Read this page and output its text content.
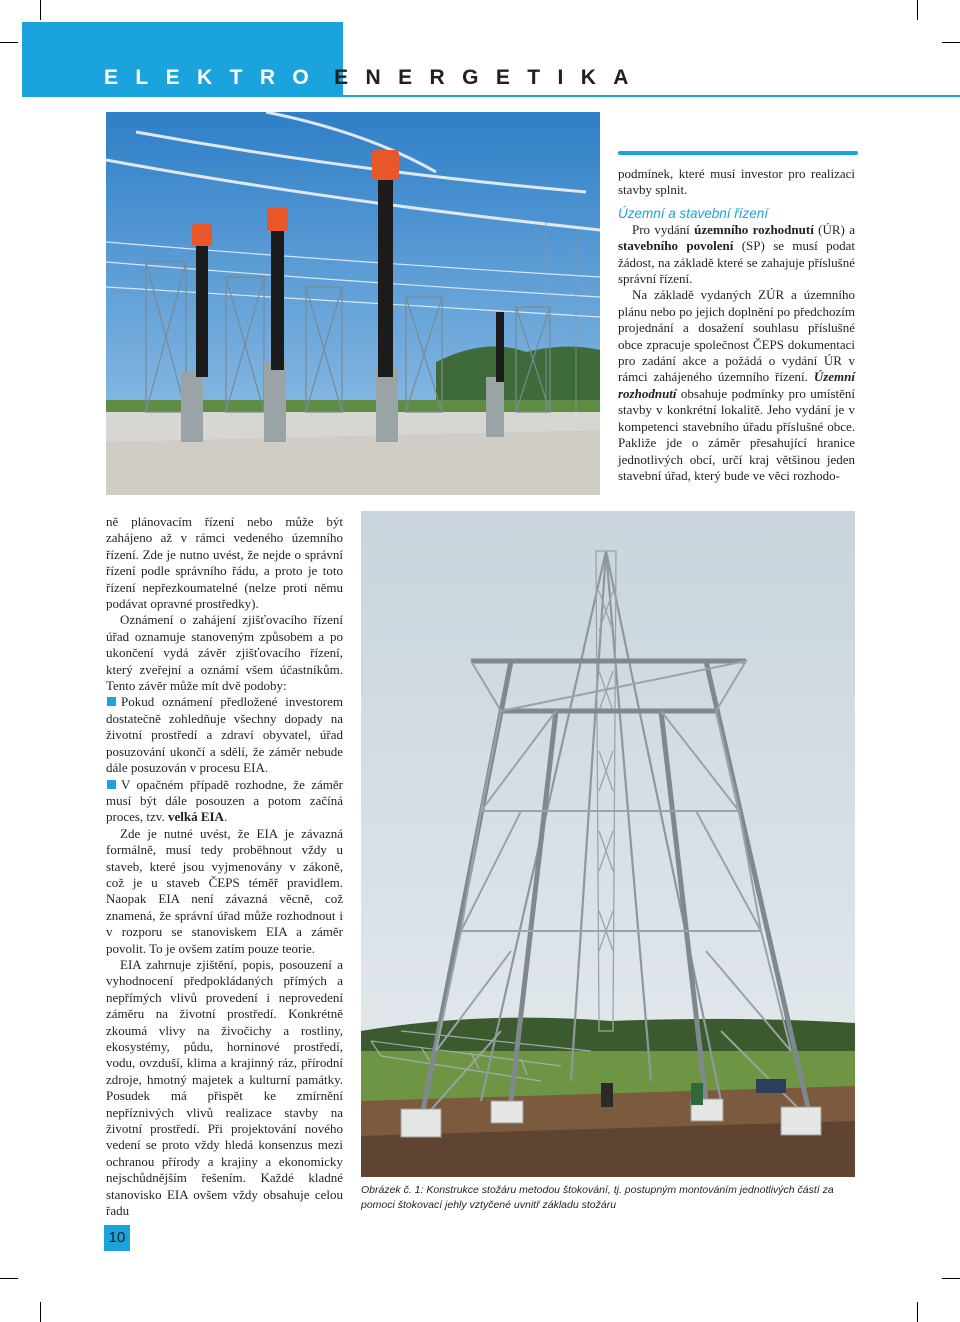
ELEKTRO ENERGETIKA

podmínek, které musí investor pro realizaci stavby splnit.

Územní a stavební řízení

Pro vydání územního rozhodnutí (ÚR) a stavebního povolení (SP) se musí podat žádost, na základě které se zahajuje příslušné správní řízení.

Na základě vydaných ZÚR a územního plánu nebo po jejich doplnění po předchozím projednání a dosažení souhlasu příslušné obce zpracuje společnost ČEPS dokumentaci pro zadání akce a požádá o vydání ÚR v rámci zahájeného územního řízení. Územní rozhodnutí obsahuje podmínky pro umístění stavby v konkrétní lokalitě. Jeho vydání je v kompetenci stavebního úřadu příslušné obce. Pakliže jde o záměr přesahující hranice jednotlivých obcí, určí kraj většinou jeden stavební úřad, který bude ve věci rozhodo-

ně plánovacím řízení nebo může být zahájeno až v rámci vedeného územního řízení. Zde je nutno uvést, že nejde o správní řízení podle správního řádu, a proto je toto řízení nepřezkoumatelné (nelze proti němu podávat opravné prostředky).

Oznámení o zahájení zjišťovacího řízení úřad oznamuje stanoveným způsobem a po ukončení vydá závěr zjišťovacího řízení, který zveřejní a oznámí všem účastníkům. Tento závěr může mít dvě podoby:

Pokud oznámení předložené investorem dostatečně zohledňuje všechny dopady na životní prostředí a zdraví obyvatel, úřad posuzování ukončí a sdělí, že záměr nebude dále posuzován v procesu EIA.

V opačném případě rozhodne, že záměr musí být dále posouzen a potom začíná proces, tzv. velká EIA.

Zde je nutné uvést, že EIA je závazná formálně, musí tedy proběhnout vždy u staveb, které jsou vyjmenovány v zákoně, což je u staveb ČEPS téměř pravidlem. Naopak EIA není závazná věcně, což znamená, že správní úřad může rozhodnout i v rozporu se stanoviskem EIA a záměr povolit. To je ovšem zatím pouze teorie.

EIA zahrnuje zjištění, popis, posouzení a vyhodnocení předpokládaných přímých a nepřímých vlivů provedení i neprovedení záměru na životní prostředí. Konkrétně zkoumá vlivy na živočichy a rostliny, ekosystémy, půdu, horninové prostředí, vodu, ovzduší, klima a krajinný ráz, přírodní zdroje, hmotný majetek a kulturní památky. Posudek má přispět ke zmírnění nepříznivých vlivů realizace stavby na životní prostředí. Při projektování nového vedení se proto vždy hledá konsenzus mezi ochranou přírody a krajiny a ekonomicky nejschůdnějším řešením. Každé kladné stanovisko EIA ovšem vždy obsahuje celou řadu

Obrázek č. 1: Konstrukce stožáru metodou štokování, tj. postupným montováním jednotlivých částí za pomoci štokovací jehly vztyčené uvnitř základu stožáru
10
